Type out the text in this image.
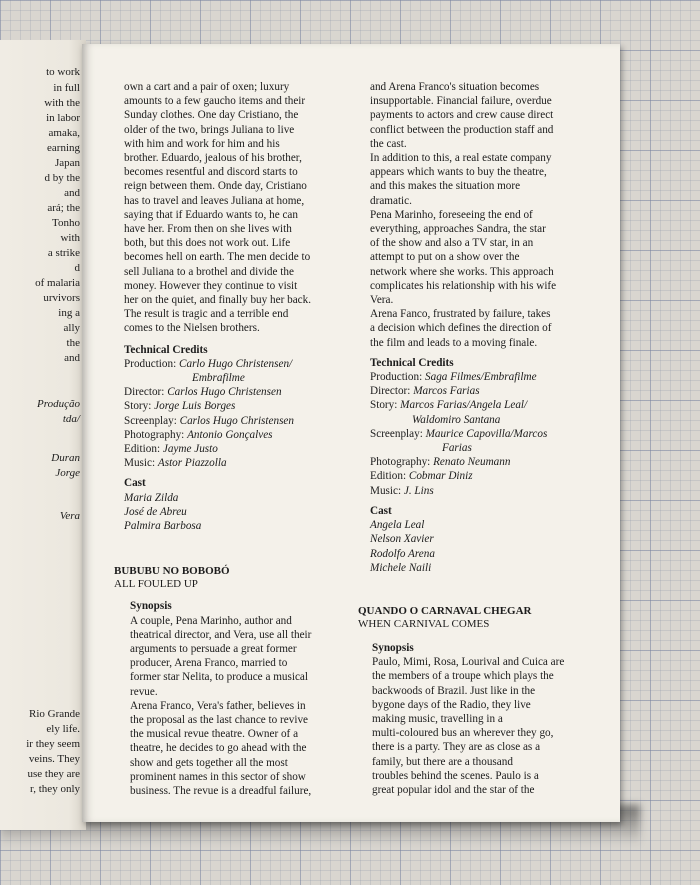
to work
in full
with the
in labor
amaka,
earning
Japan
d by the
and
ará; the
Tonho
with
a strike
d
of malaria
urvivors
ing a
ally
the
and
Produção
tda/
Duran
Jorge
Vera
Rio Grande
ely life.
ir they seem
veins. They
use they are
r, they only

own a cart and a pair of oxen; luxury

amounts to a few gaucho items and their

Sunday clothes. One day Cristiano, the

older of the two, brings Juliana to live

with him and work for him and his

brother. Eduardo, jealous of his brother,

becomes resentful and discord starts to

reign between them. Onde day, Cristiano

has to travel and leaves Juliana at home,

saying that if Eduardo wants to, he can

have her. From then on she lives with

both, but this does not work out. Life

becomes hell on earth. The men decide to

sell Juliana to a brothel and divide the

money. However they continue to visit

her on the quiet, and finally buy her back.

The result is tragic and a terrible end

comes to the Nielsen brothers.

Technical Credits

Production: Carlo Hugo Christensen/

Embrafilme

Director: Carlos Hugo Christensen

Story: Jorge Luis Borges

Screenplay: Carlos Hugo Christensen

Photography: Antonio Gonçalves

Edition: Jayme Justo

Music: Astor Piazzolla

Cast

Maria Zilda

José de Abreu

Palmira Barbosa

BUBUBU NO BOBOBÓ

ALL FOULED UP

Synopsis

A couple, Pena Marinho, author and

theatrical director, and Vera, use all their

arguments to persuade a great former

producer, Arena Franco, married to

former star Nelita, to produce a musical

revue.

Arena Franco, Vera's father, believes in

the proposal as the last chance to revive

the musical revue theatre. Owner of a

theatre, he decides to go ahead with the

show and gets together all the most

prominent names in this sector of show

business. The revue is a dreadful failure,

and Arena Franco's situation becomes

insupportable. Financial failure, overdue

payments to actors and crew cause direct

conflict between the production staff and

the cast.

In addition to this, a real estate company

appears which wants to buy the theatre,

and this makes the situation more

dramatic.

Pena Marinho, foreseeing the end of

everything, approaches Sandra, the star

of the show and also a TV star, in an

attempt to put on a show over the

network where she works. This approach

complicates his relationship with his wife

Vera.

Arena Fanco, frustrated by failure, takes

a decision which defines the direction of

the film and leads to a moving finale.

Technical Credits

Production: Saga Filmes/Embrafilme

Director: Marcos Farias

Story: Marcos Farias/Angela Leal/

Waldomiro Santana

Screenplay: Maurice Capovilla/Marcos

Farias

Photography: Renato Neumann

Edition: Cobmar Diniz

Music: J. Lins

Cast

Angela Leal

Nelson Xavier

Rodolfo Arena

Michele Naili

QUANDO O CARNAVAL CHEGAR

WHEN CARNIVAL COMES

Synopsis

Paulo, Mimi, Rosa, Lourival and Cuica are

the members of a troupe which plays the

backwoods of Brazil. Just like in the

bygone days of the Radio, they live

making music, travelling in a

multi-coloured bus an wherever they go,

there is a party. They are as close as a

family, but there are a thousand

troubles behind the scenes. Paulo is a

great popular idol and the star of the
